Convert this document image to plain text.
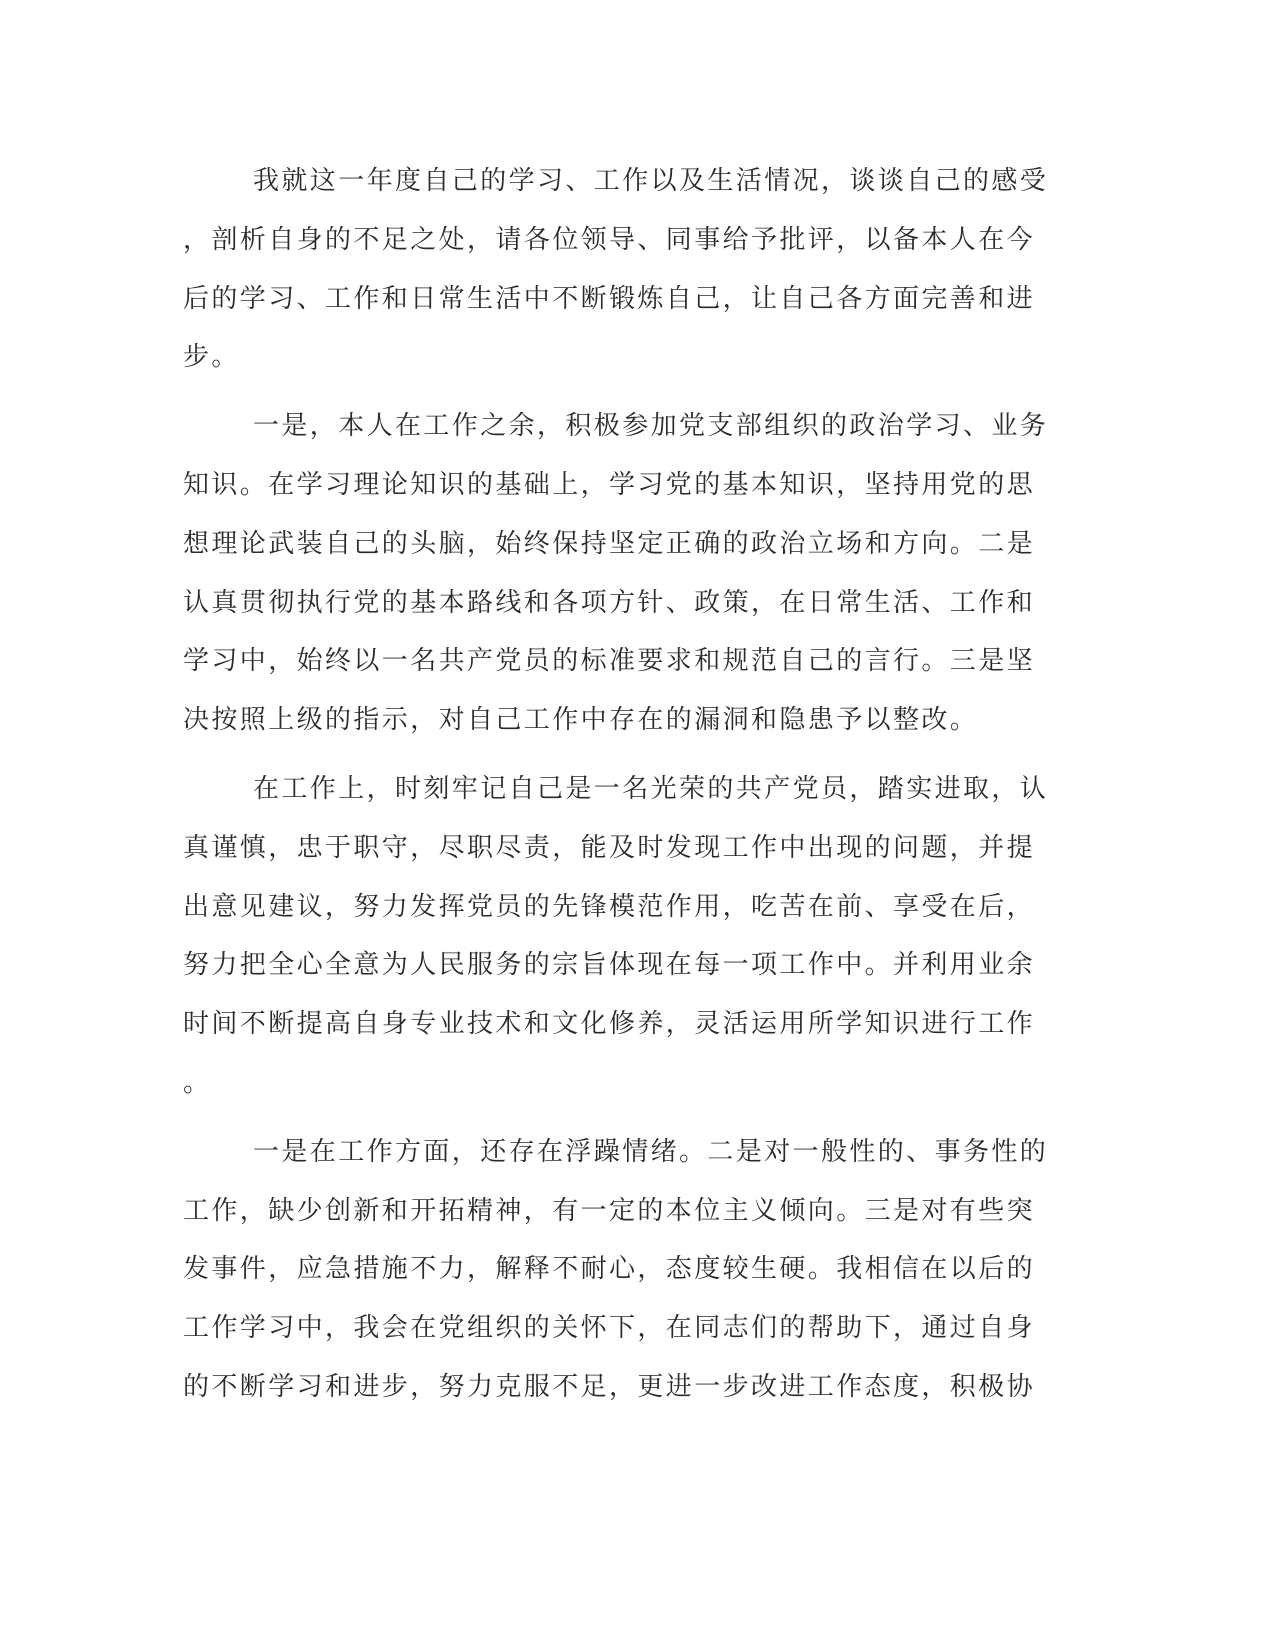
我就这一年度自己的学习、工作以及生活情况，谈谈自己的感受
，剖析自身的不足之处，请各位领导、同事给予批评，以备本人在今
后的学习、工作和日常生活中不断锻炼自己，让自己各方面完善和进
步。
一是，本人在工作之余，积极参加党支部组织的政治学习、业务
知识。在学习理论知识的基础上，学习党的基本知识，坚持用党的思
想理论武装自己的头脑，始终保持坚定正确的政治立场和方向。二是
认真贯彻执行党的基本路线和各项方针、政策，在日常生活、工作和
学习中，始终以一名共产党员的标准要求和规范自己的言行。三是坚
决按照上级的指示，对自己工作中存在的漏洞和隐患予以整改。
在工作上，时刻牢记自己是一名光荣的共产党员，踏实进取，认
真谨慎，忠于职守，尽职尽责，能及时发现工作中出现的问题，并提
出意见建议，努力发挥党员的先锋模范作用，吃苦在前、享受在后，
努力把全心全意为人民服务的宗旨体现在每一项工作中。并利用业余
时间不断提高自身专业技术和文化修养，灵活运用所学知识进行工作
。
一是在工作方面，还存在浮躁情绪。二是对一般性的、事务性的
工作，缺少创新和开拓精神，有一定的本位主义倾向。三是对有些突
发事件，应急措施不力，解释不耐心，态度较生硬。我相信在以后的
工作学习中，我会在党组织的关怀下，在同志们的帮助下，通过自身
的不断学习和进步，努力克服不足，更进一步改进工作态度，积极协
